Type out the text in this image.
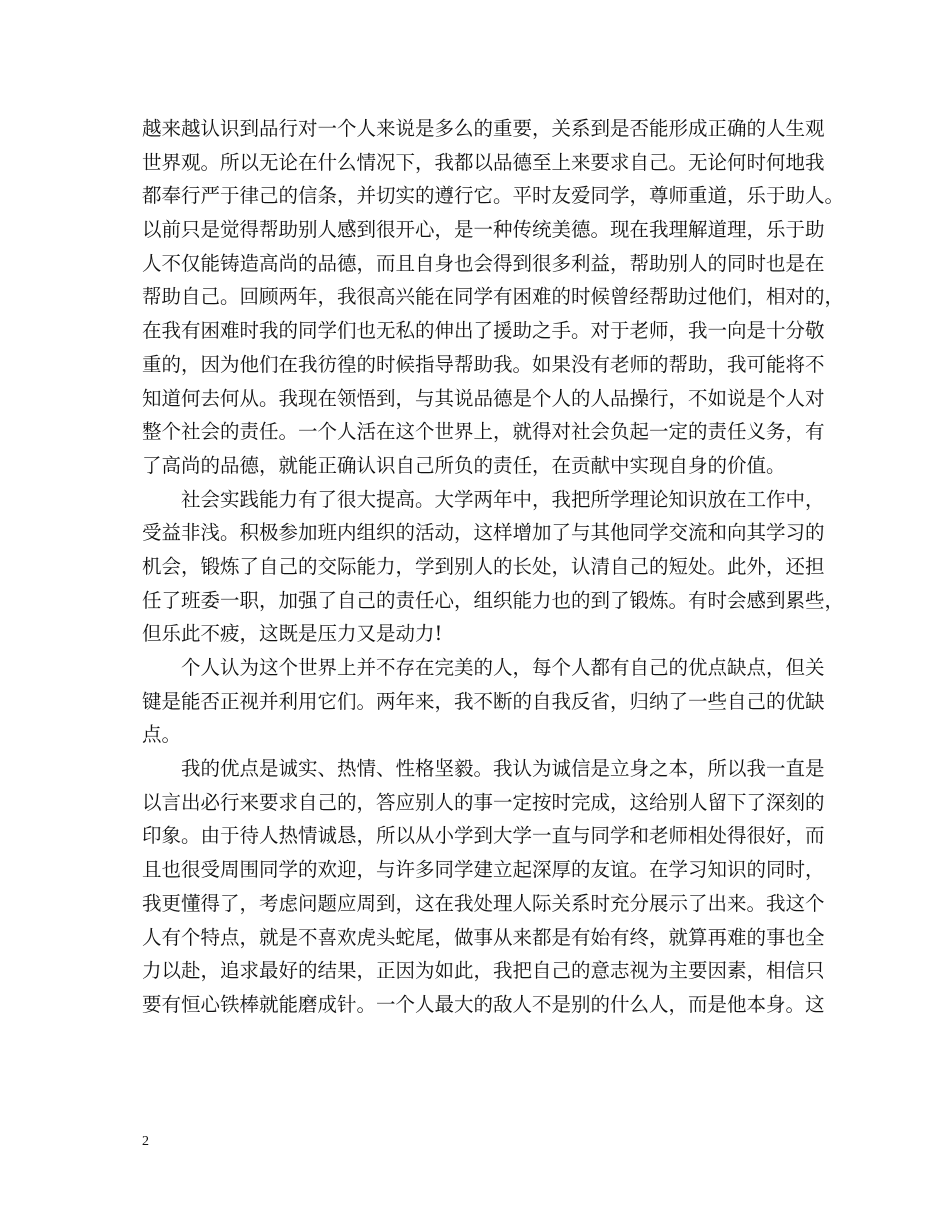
越来越认识到品行对一个人来说是多么的重要，关系到是否能形成正确的人生观
世界观。所以无论在什么情况下，我都以品德至上来要求自己。无论何时何地我
都奉行严于律己的信条，并切实的遵行它。平时友爱同学，尊师重道，乐于助人。
以前只是觉得帮助别人感到很开心，是一种传统美德。现在我理解道理，乐于助
人不仅能铸造高尚的品德，而且自身也会得到很多利益，帮助别人的同时也是在
帮助自己。回顾两年，我很高兴能在同学有困难的时候曾经帮助过他们，相对的，
在我有困难时我的同学们也无私的伸出了援助之手。对于老师，我一向是十分敬
重的，因为他们在我彷徨的时候指导帮助我。如果没有老师的帮助，我可能将不
知道何去何从。我现在领悟到，与其说品德是个人的人品操行，不如说是个人对
整个社会的责任。一个人活在这个世界上，就得对社会负起一定的责任义务，有
了高尚的品德，就能正确认识自己所负的责任，在贡献中实现自身的价值。
社会实践能力有了很大提高。大学两年中，我把所学理论知识放在工作中，
受益非浅。积极参加班内组织的活动，这样增加了与其他同学交流和向其学习的
机会，锻炼了自己的交际能力，学到别人的长处，认清自己的短处。此外，还担
任了班委一职，加强了自己的责任心，组织能力也的到了锻炼。有时会感到累些，
但乐此不疲，这既是压力又是动力!
个人认为这个世界上并不存在完美的人，每个人都有自己的优点缺点，但关
键是能否正视并利用它们。两年来，我不断的自我反省，归纳了一些自己的优缺
点。
我的优点是诚实、热情、性格坚毅。我认为诚信是立身之本，所以我一直是
以言出必行来要求自己的，答应别人的事一定按时完成，这给别人留下了深刻的
印象。由于待人热情诚恳，所以从小学到大学一直与同学和老师相处得很好，而
且也很受周围同学的欢迎，与许多同学建立起深厚的友谊。在学习知识的同时，
我更懂得了，考虑问题应周到，这在我处理人际关系时充分展示了出来。我这个
人有个特点，就是不喜欢虎头蛇尾，做事从来都是有始有终，就算再难的事也全
力以赴，追求最好的结果，正因为如此，我把自己的意志视为主要因素，相信只
要有恒心铁棒就能磨成针。一个人最大的敌人不是别的什么人，而是他本身。这
2
